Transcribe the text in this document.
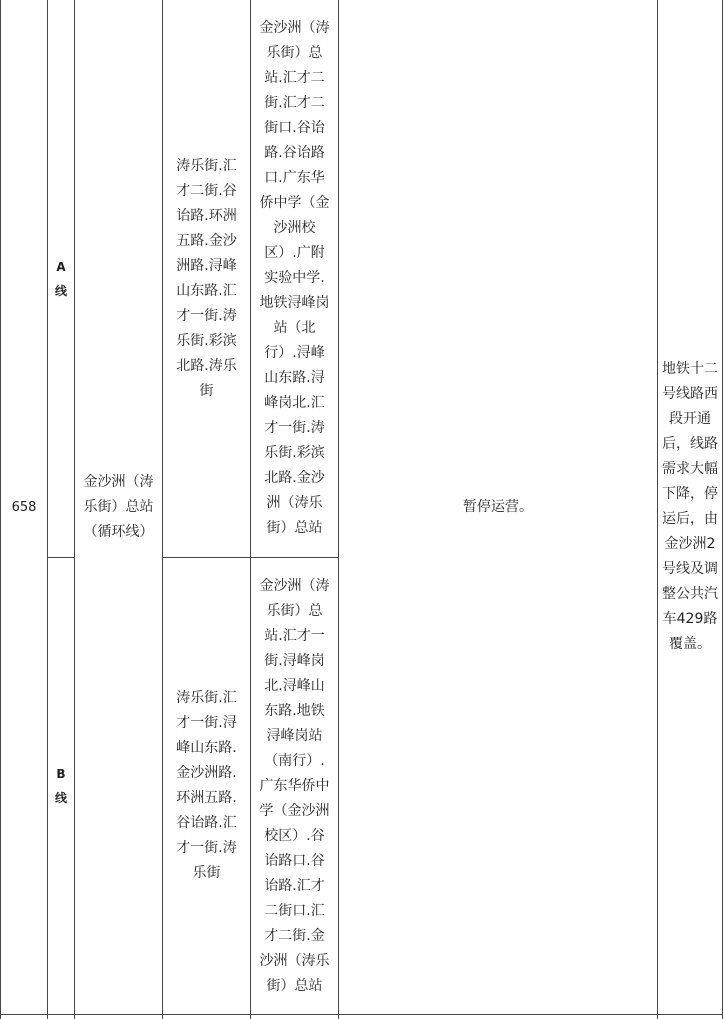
658
A
线
B
线
金沙洲（涛乐街）总站（循环线）
涛乐街.汇才二街.谷诒路.环洲五路.金沙洲路.浔峰山东路.汇才一街.涛乐街.彩滨北路.涛乐街
金沙洲（涛乐街）总站.汇才二街.汇才二街口.谷诒路.谷诒路口.广东华侨中学（金沙洲校区）.广附实验中学.地铁浔峰岗站（北行）.浔峰山东路.浔峰岗北.汇才一街.涛乐街.彩滨北路.金沙洲（涛乐街）总站
涛乐街.汇才一街.浔峰山东路.金沙洲路.环洲五路.谷诒路.汇才一街.涛乐街
金沙洲（涛乐街）总站.汇才一街.浔峰岗北.浔峰山东路.地铁浔峰岗站（南行）.广东华侨中学（金沙洲校区）.谷诒路口.谷诒路.汇才二街口.汇才二街.金沙洲（涛乐街）总站
暂停运营。
地铁十二号线路西段开通后，线路需求大幅下降，停运后，由金沙洲2号线及调整公共汽车429路覆盖。
